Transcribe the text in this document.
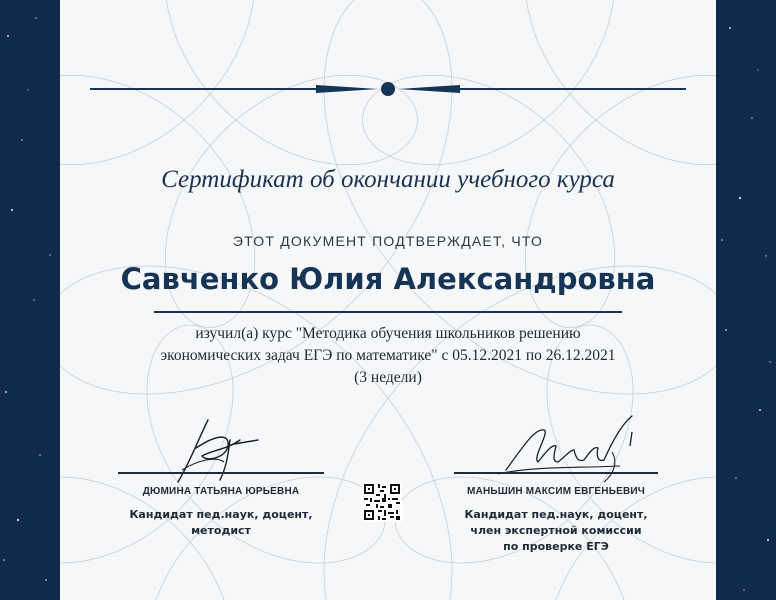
Сертификат об окончании учебного курса
ЭТОТ ДОКУМЕНТ ПОДТВЕРЖДАЕТ, ЧТО
Савченко Юлия Александровна
изучил(а) курс "Методика обучения школьников решению
экономических задач ЕГЭ по математике" с 05.12.2021 по 26.12.2021
(3 недели)
ДЮМИНА ТАТЬЯНА ЮРЬЕВНА
Кандидат пед.наук, доцент,
методист
МАНЬШИН МАКСИМ ЕВГЕНЬЕВИЧ
Кандидат пед.наук, доцент,
член экспертной комиссии
по проверке ЕГЭ
